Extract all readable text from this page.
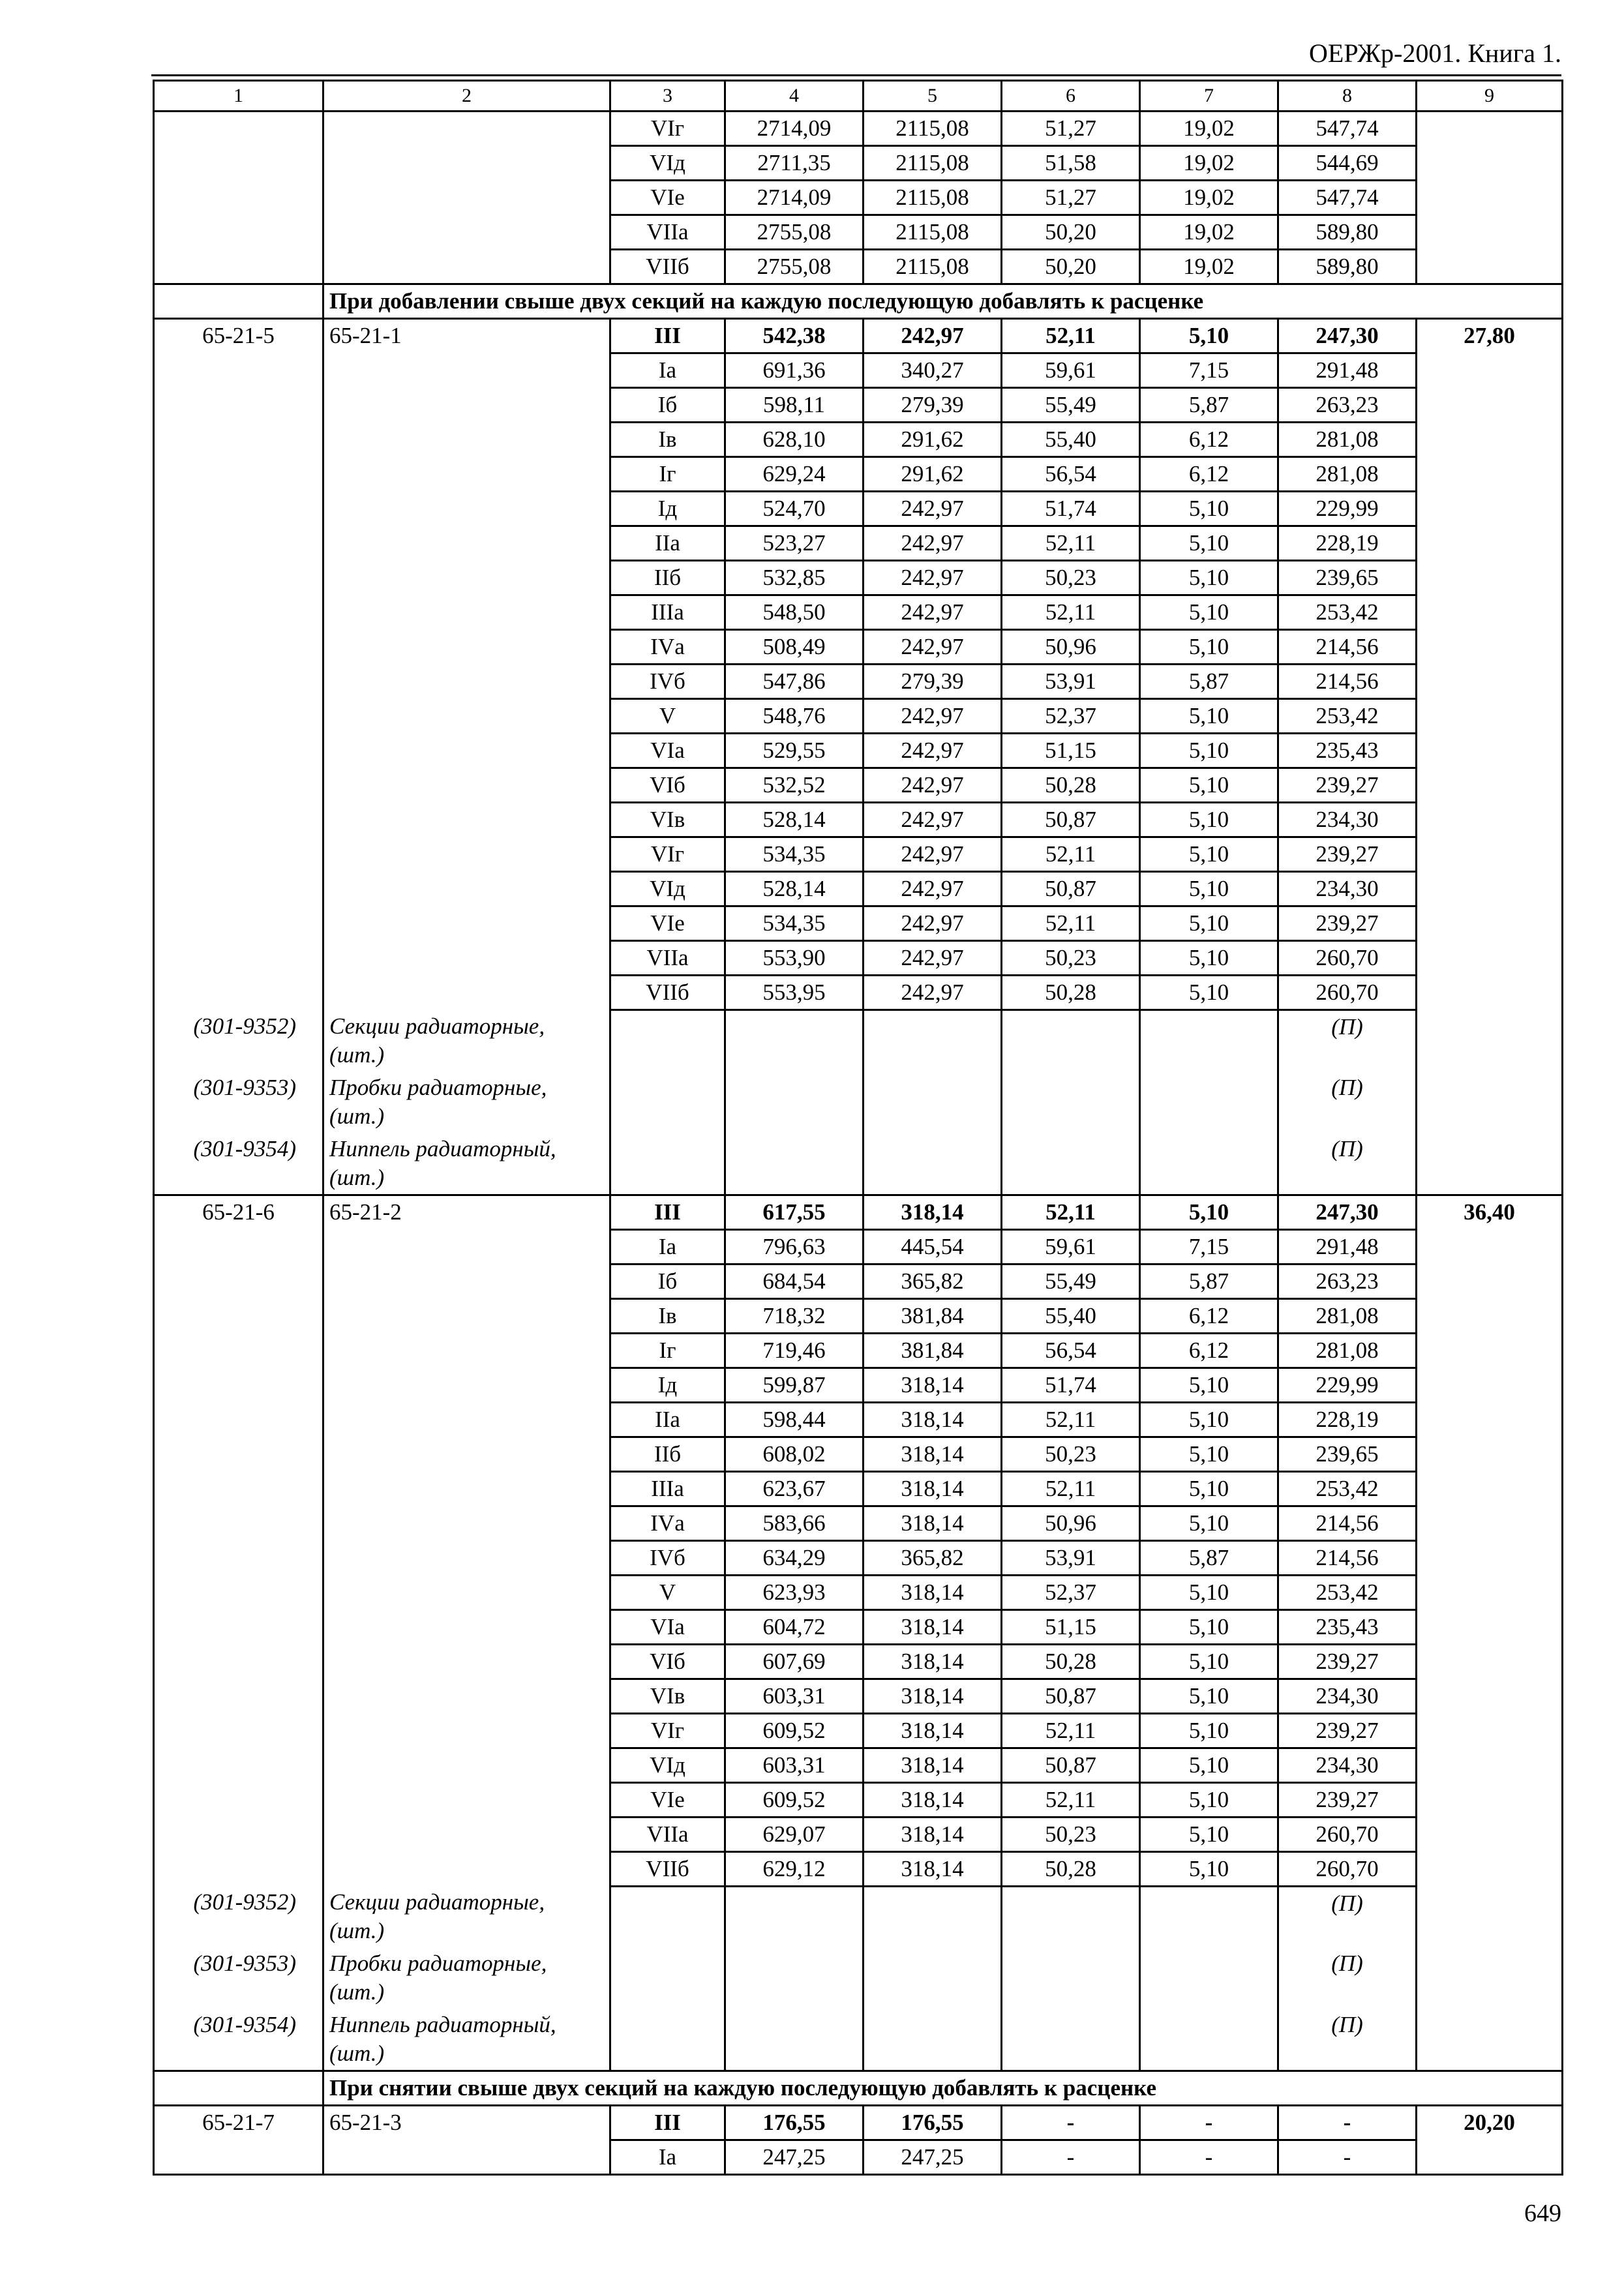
ОЕРЖр-2001. Книга 1.
1	2	3	4	5	6	7	8	9
		VIг	2714,09	2115,08	51,27	19,02	547,74	
		VIд	2711,35	2115,08	51,58	19,02	544,69	
		VIе	2714,09	2115,08	51,27	19,02	547,74	
		VIIа	2755,08	2115,08	50,20	19,02	589,80	
		VIIб	2755,08	2115,08	50,20	19,02	589,80	
	При добавлении свыше двух секций на каждую последующую добавлять к расценке							
65-21-5	65-21-1	III	542,38	242,97	52,11	5,10	247,30	27,80
		Iа	691,36	340,27	59,61	7,15	291,48	
		Iб	598,11	279,39	55,49	5,87	263,23	
		Iв	628,10	291,62	55,40	6,12	281,08	
		Iг	629,24	291,62	56,54	6,12	281,08	
		Iд	524,70	242,97	51,74	5,10	229,99	
		IIа	523,27	242,97	52,11	5,10	228,19	
		IIб	532,85	242,97	50,23	5,10	239,65	
		IIIа	548,50	242,97	52,11	5,10	253,42	
		IVа	508,49	242,97	50,96	5,10	214,56	
		IVб	547,86	279,39	53,91	5,87	214,56	
		V	548,76	242,97	52,37	5,10	253,42	
		VIа	529,55	242,97	51,15	5,10	235,43	
		VIб	532,52	242,97	50,28	5,10	239,27	
		VIв	528,14	242,97	50,87	5,10	234,30	
		VIг	534,35	242,97	52,11	5,10	239,27	
		VIд	528,14	242,97	50,87	5,10	234,30	
		VIе	534,35	242,97	52,11	5,10	239,27	
		VIIа	553,90	242,97	50,23	5,10	260,70	
		VIIб	553,95	242,97	50,28	5,10	260,70	
(301-9352)	Секции радиаторные, (шт.)						(П)	
(301-9353)	Пробки радиаторные, (шт.)						(П)	
(301-9354)	Ниппель радиаторный, (шт.)						(П)	
65-21-6	65-21-2	III	617,55	318,14	52,11	5,10	247,30	36,40
		Iа	796,63	445,54	59,61	7,15	291,48	
		Iб	684,54	365,82	55,49	5,87	263,23	
		Iв	718,32	381,84	55,40	6,12	281,08	
		Iг	719,46	381,84	56,54	6,12	281,08	
		Iд	599,87	318,14	51,74	5,10	229,99	
		IIа	598,44	318,14	52,11	5,10	228,19	
		IIб	608,02	318,14	50,23	5,10	239,65	
		IIIа	623,67	318,14	52,11	5,10	253,42	
		IVа	583,66	318,14	50,96	5,10	214,56	
		IVб	634,29	365,82	53,91	5,87	214,56	
		V	623,93	318,14	52,37	5,10	253,42	
		VIа	604,72	318,14	51,15	5,10	235,43	
		VIб	607,69	318,14	50,28	5,10	239,27	
		VIв	603,31	318,14	50,87	5,10	234,30	
		VIг	609,52	318,14	52,11	5,10	239,27	
		VIд	603,31	318,14	50,87	5,10	234,30	
		VIе	609,52	318,14	52,11	5,10	239,27	
		VIIа	629,07	318,14	50,23	5,10	260,70	
		VIIб	629,12	318,14	50,28	5,10	260,70	
(301-9352)	Секции радиаторные, (шт.)						(П)	
(301-9353)	Пробки радиаторные, (шт.)						(П)	
(301-9354)	Ниппель радиаторный, (шт.)						(П)	
	При снятии свыше двух секций на каждую последующую добавлять к расценке							
65-21-7	65-21-3	III	176,55	176,55	-	-	-	20,20
		Iа	247,25	247,25	-	-	-	
649
